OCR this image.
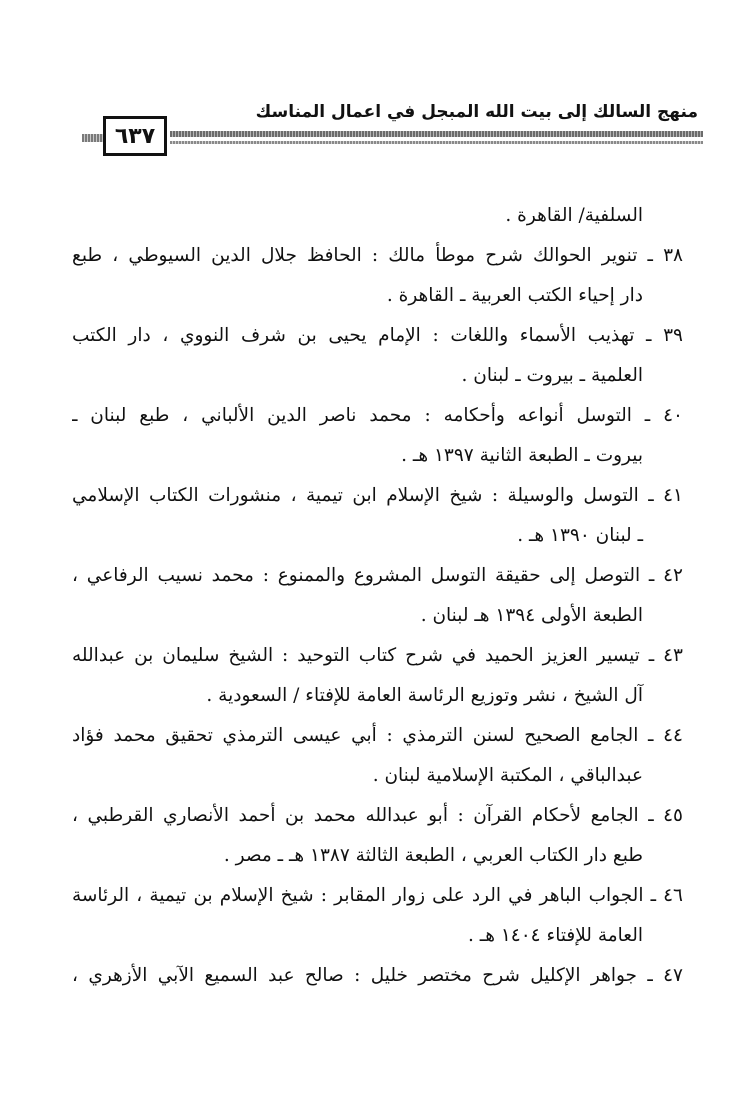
منهج السالك إلى بيت الله المبجل في اعمال المناسك
٦٣٧
السلفية/ القاهرة .
٣٨ ـ تنوير الحوالك شرح موطأ مالك : الحافظ جلال الدين السيوطي ، طبع
دار إحياء الكتب العربية ـ القاهرة .
٣٩ ـ تهذيب الأسماء واللغات : الإمام يحيى بن شرف النووي ، دار الكتب
العلمية ـ بيروت ـ لبنان .
٤٠ ـ التوسل أنواعه وأحكامه : محمد ناصر الدين الألباني ، طبع لبنان ـ
بيروت ـ الطبعة الثانية ١٣٩٧ هـ .
٤١ ـ التوسل والوسيلة : شيخ الإسلام ابن تيمية ، منشورات الكتاب الإسلامي
ـ لبنان ١٣٩٠ هـ .
٤٢ ـ التوصل إلى حقيقة التوسل المشروع والممنوع : محمد نسيب الرفاعي ،
الطبعة الأولى ١٣٩٤ هـ لبنان .
٤٣ ـ تيسير العزيز الحميد في شرح كتاب التوحيد : الشيخ سليمان بن عبدالله
آل الشيخ ، نشر وتوزيع الرئاسة العامة للإفتاء / السعودية .
٤٤ ـ الجامع الصحيح لسنن الترمذي : أبي عيسى الترمذي تحقيق محمد فؤاد
عبدالباقي ، المكتبة الإسلامية لبنان .
٤٥ ـ الجامع لأحكام القرآن : أبو عبدالله محمد بن أحمد الأنصاري القرطبي ،
طبع دار الكتاب العربي ، الطبعة الثالثة ١٣٨٧ هـ ـ مصر .
٤٦ ـ الجواب الباهر في الرد على زوار المقابر : شيخ الإسلام بن تيمية ، الرئاسة
العامة للإفتاء ١٤٠٤ هـ .
٤٧ ـ جواهر الإكليل شرح مختصر خليل : صالح عبد السميع الآبي الأزهري ،
